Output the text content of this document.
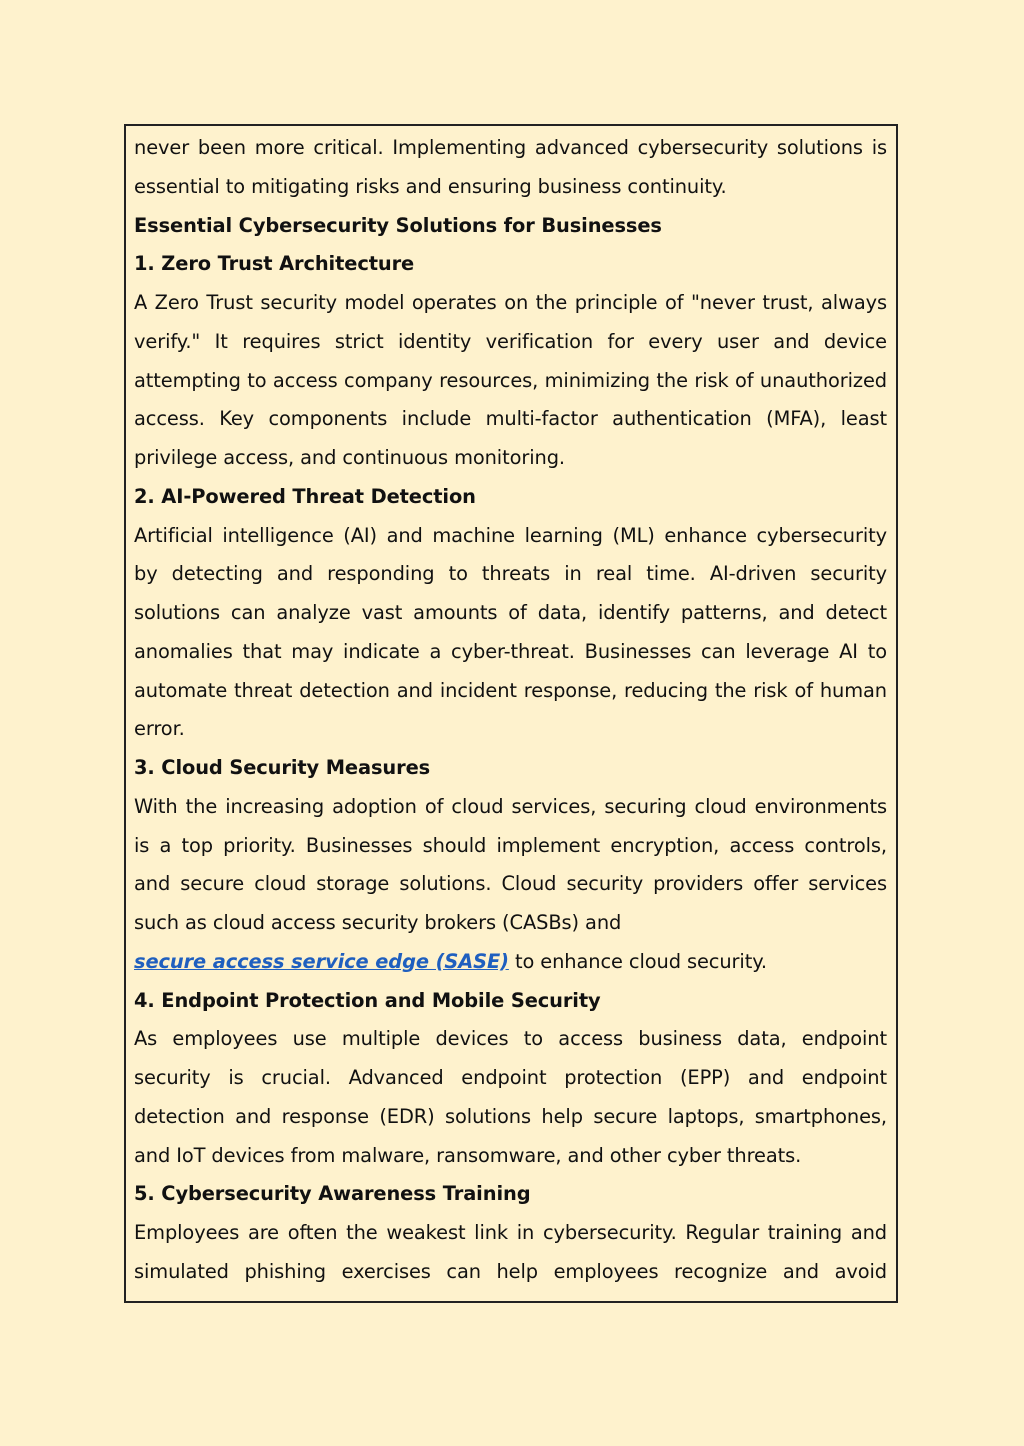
never been more critical. Implementing advanced cybersecurity solutions is essential to mitigating risks and ensuring business continuity.

Essential Cybersecurity Solutions for Businesses

1. Zero Trust Architecture

A Zero Trust security model operates on the principle of "never trust, always verify." It requires strict identity verification for every user and device attempting to access company resources, minimizing the risk of unauthorized access. Key components include multi-factor authentication (MFA), least privilege access, and continuous monitoring.

2. AI-Powered Threat Detection

Artificial intelligence (AI) and machine learning (ML) enhance cybersecurity by detecting and responding to threats in real time. AI-driven security solutions can analyze vast amounts of data, identify patterns, and detect anomalies that may indicate a cyber-threat. Businesses can leverage AI to automate threat detection and incident response, reducing the risk of human error.

3. Cloud Security Measures

With the increasing adoption of cloud services, securing cloud environments is a top priority. Businesses should implement encryption, access controls, and secure cloud storage solutions. Cloud security providers offer services such as cloud access security brokers (CASBs) and
secure access service edge (SASE) to enhance cloud security.

4. Endpoint Protection and Mobile Security

As employees use multiple devices to access business data, endpoint security is crucial. Advanced endpoint protection (EPP) and endpoint detection and response (EDR) solutions help secure laptops, smartphones, and IoT devices from malware, ransomware, and other cyber threats.

5. Cybersecurity Awareness Training

Employees are often the weakest link in cybersecurity. Regular training and simulated phishing exercises can help employees recognize and avoid
